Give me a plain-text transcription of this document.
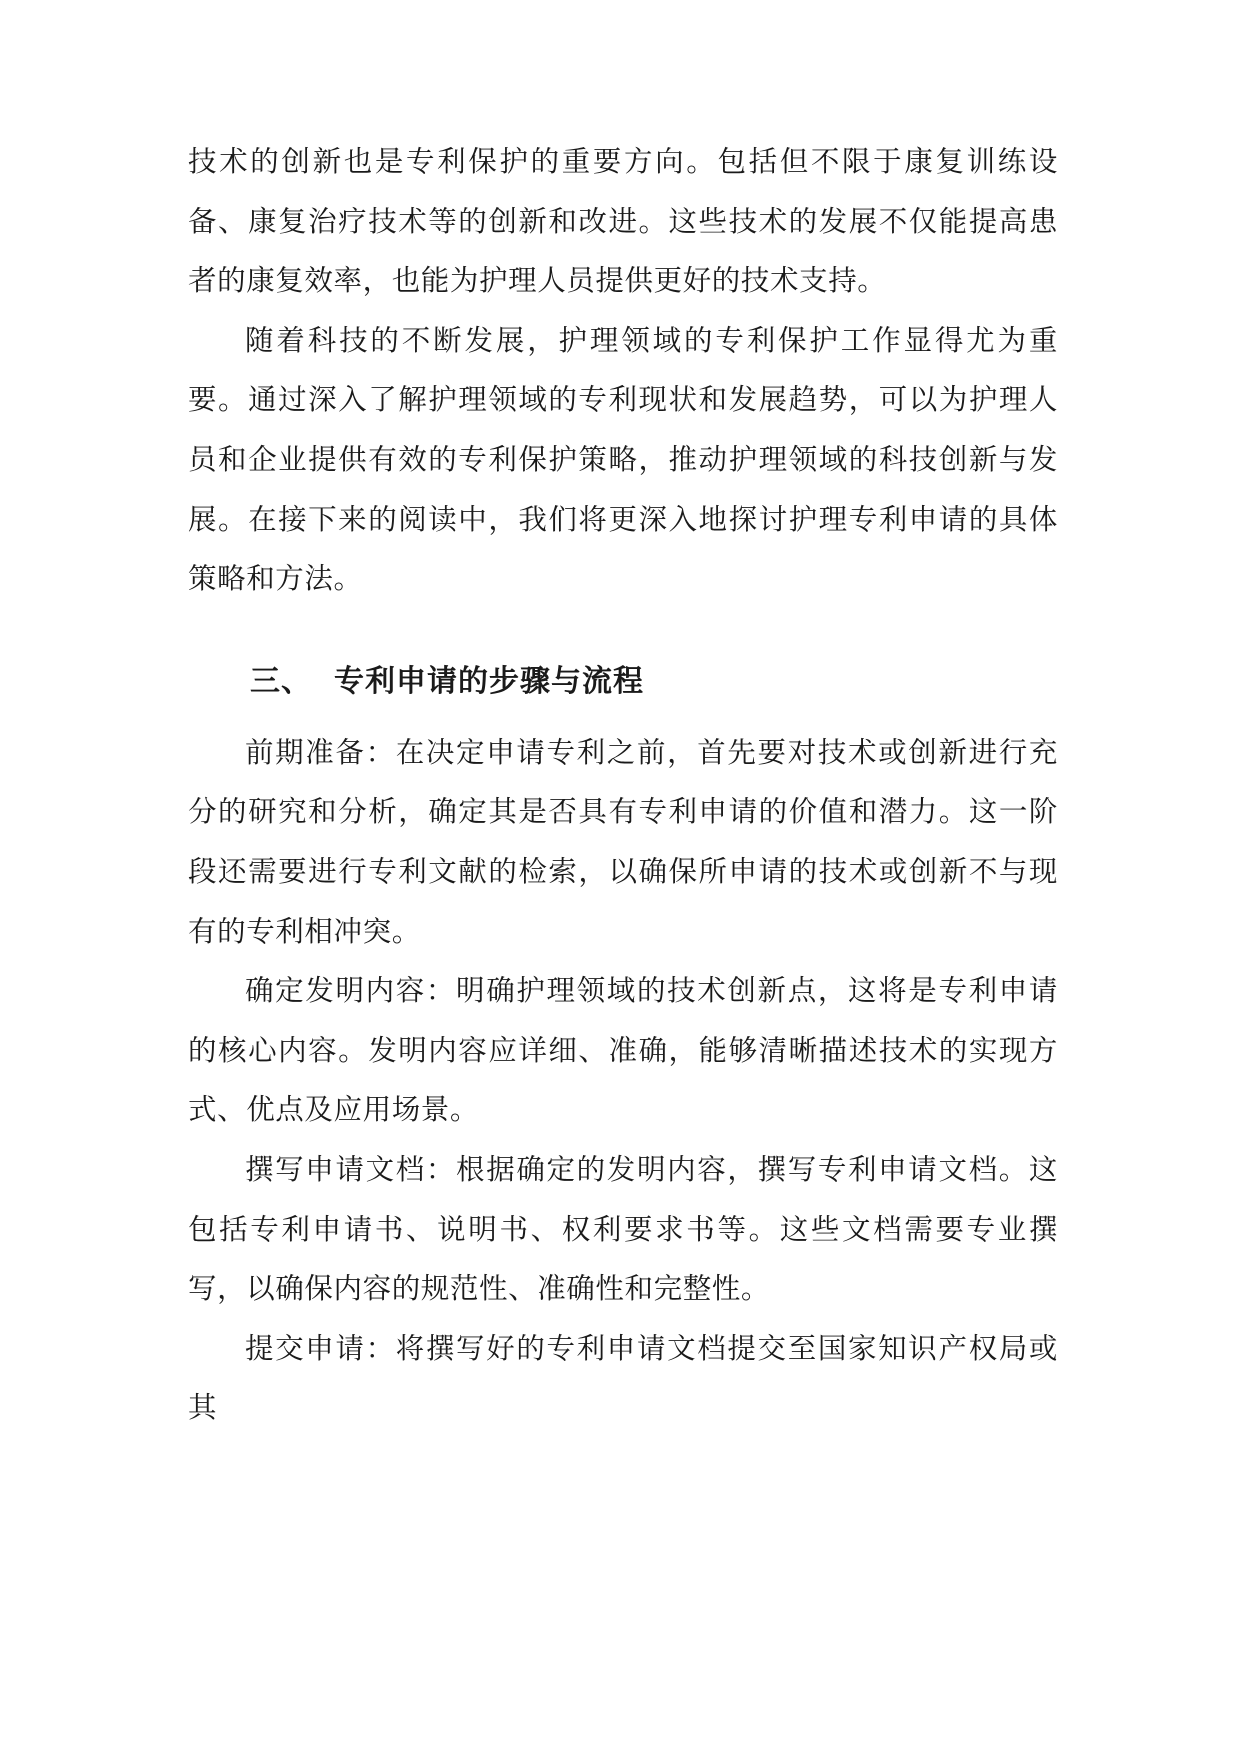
技术的创新也是专利保护的重要方向。包括但不限于康复训练设备、康复治疗技术等的创新和改进。这些技术的发展不仅能提高患者的康复效率，也能为护理人员提供更好的技术支持。

随着科技的不断发展，护理领域的专利保护工作显得尤为重要。通过深入了解护理领域的专利现状和发展趋势，可以为护理人员和企业提供有效的专利保护策略，推动护理领域的科技创新与发展。在接下来的阅读中，我们将更深入地探讨护理专利申请的具体策略和方法。

三、 专利申请的步骤与流程

前期准备：在决定申请专利之前，首先要对技术或创新进行充分的研究和分析，确定其是否具有专利申请的价值和潜力。这一阶段还需要进行专利文献的检索，以确保所申请的技术或创新不与现有的专利相冲突。

确定发明内容：明确护理领域的技术创新点，这将是专利申请的核心内容。发明内容应详细、准确，能够清晰描述技术的实现方式、优点及应用场景。

撰写申请文档：根据确定的发明内容，撰写专利申请文档。这包括专利申请书、说明书、权利要求书等。这些文档需要专业撰写，以确保内容的规范性、准确性和完整性。

提交申请：将撰写好的专利申请文档提交至国家知识产权局或其
